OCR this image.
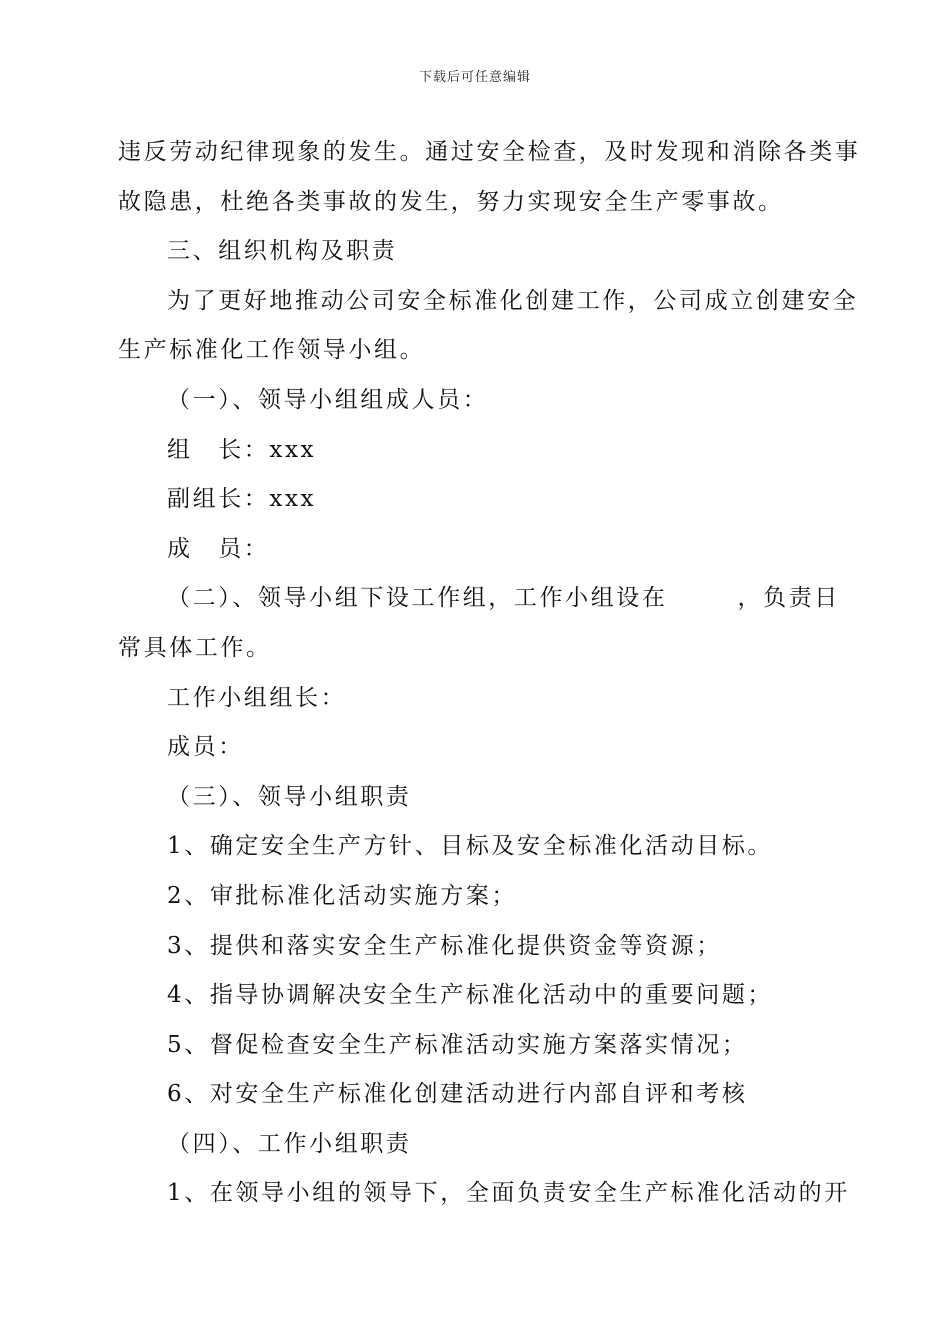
下载后可任意编辑
违反劳动纪律现象的发生。通过安全检查，及时发现和消除各类事
故隐患，杜绝各类事故的发生，努力实现安全生产零事故。
三、组织机构及职责
为了更好地推动公司安全标准化创建工作，公司成立创建安全
生产标准化工作领导小组。
（一）、领导小组组成人员：
组　长：xxx
副组长：xxx
成　员：
（二）、领导小组下设工作组，工作小组设在	，负责日
常具体工作。
工作小组组长：
成员：
（三）、领导小组职责
1、确定安全生产方针、目标及安全标准化活动目标。
2、审批标准化活动实施方案；
3、提供和落实安全生产标准化提供资金等资源；
4、指导协调解决安全生产标准化活动中的重要问题；
5、督促检查安全生产标准活动实施方案落实情况；
6、对安全生产标准化创建活动进行内部自评和考核
（四）、工作小组职责
1、在领导小组的领导下，全面负责安全生产标准化活动的开
